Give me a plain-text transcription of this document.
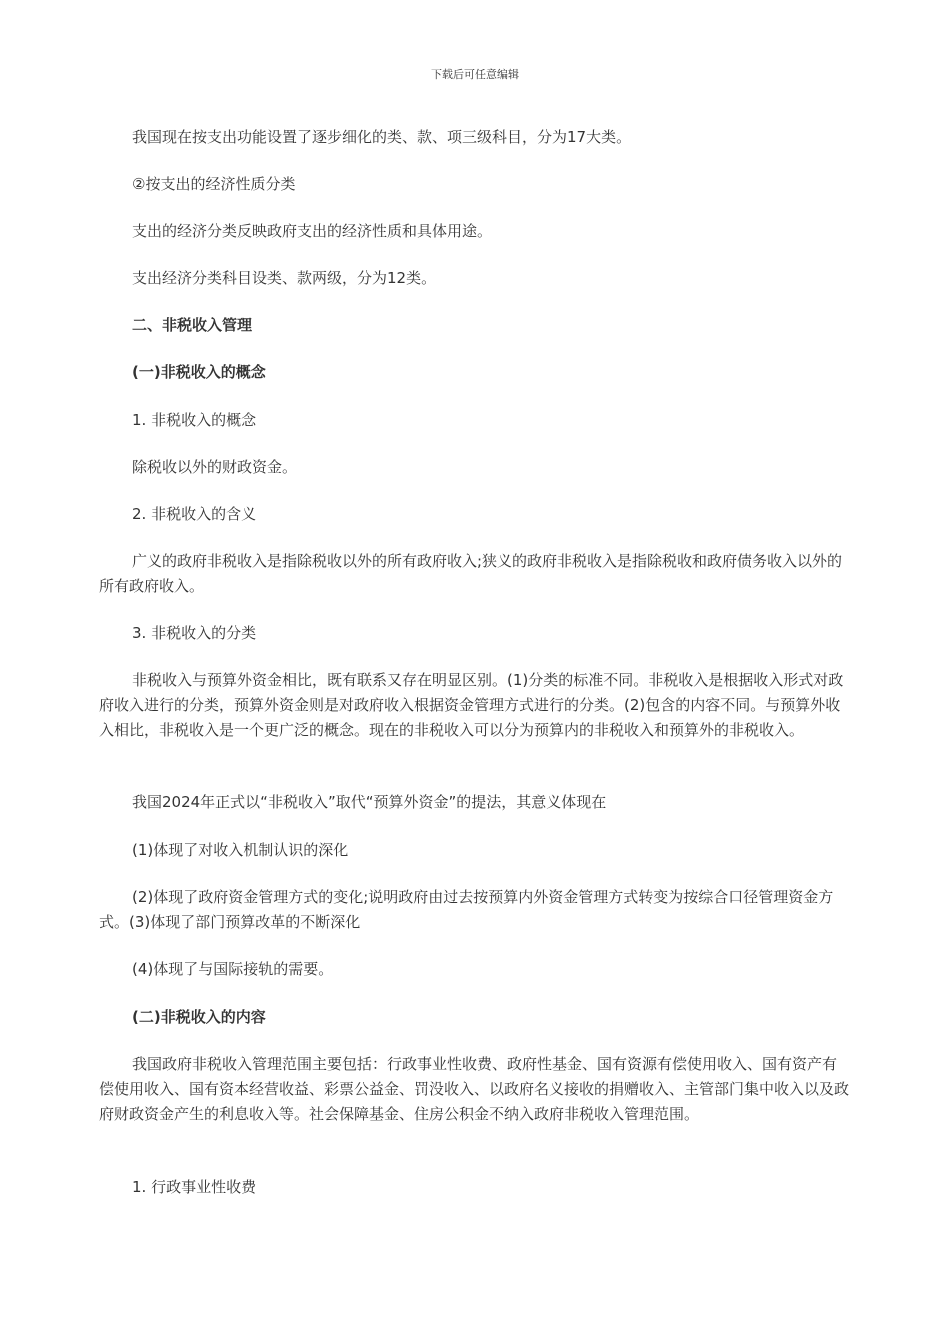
下载后可任意编辑

我国现在按支出功能设置了逐步细化的类、款、项三级科目，分为17大类。

②按支出的经济性质分类

支出的经济分类反映政府支出的经济性质和具体用途。

支出经济分类科目设类、款两级，分为12类。

二、非税收入管理

(一)非税收入的概念

1. 非税收入的概念

除税收以外的财政资金。

2. 非税收入的含义

广义的政府非税收入是指除税收以外的所有政府收入;狭义的政府非税收入是指除税收和政府债务收入以外的所有政府收入。

3. 非税收入的分类

非税收入与预算外资金相比，既有联系又存在明显区别。(1)分类的标准不同。非税收入是根据收入形式对政府收入进行的分类，预算外资金则是对政府收入根据资金管理方式进行的分类。(2)包含的内容不同。与预算外收入相比，非税收入是一个更广泛的概念。现在的非税收入可以分为预算内的非税收入和预算外的非税收入。

我国2024年正式以“非税收入”取代“预算外资金”的提法，其意义体现在

(1)体现了对收入机制认识的深化

(2)体现了政府资金管理方式的变化;说明政府由过去按预算内外资金管理方式转变为按综合口径管理资金方式。(3)体现了部门预算改革的不断深化

(4)体现了与国际接轨的需要。

(二)非税收入的内容

我国政府非税收入管理范围主要包括：行政事业性收费、政府性基金、国有资源有偿使用收入、国有资产有偿使用收入、国有资本经营收益、彩票公益金、罚没收入、以政府名义接收的捐赠收入、主管部门集中收入以及政府财政资金产生的利息收入等。社会保障基金、住房公积金不纳入政府非税收入管理范围。

1. 行政事业性收费
